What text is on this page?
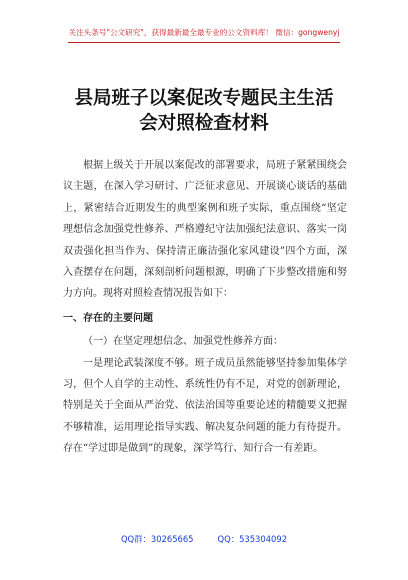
关注头条号"公文研究"，获得最新最全最专业的公文资料库！ 微信：gongwenyj
县局班子以案促改专题民主生活会对照检查材料

根据上级关于开展以案促改的部署要求，局班子紧紧围绕会议主题，在深入学习研讨、广泛征求意见、开展谈心谈话的基础上，紧密结合近期发生的典型案例和班子实际，重点围绕“坚定理想信念加强党性修养、严格遵纪守法加强纪法意识、落实一岗双责强化担当作为、保持清正廉洁强化家风建设”四个方面，深入查摆存在问题，深刻剖析问题根源，明确了下步整改措施和努力方向。现将对照检查情况报告如下：

一、存在的主要问题

（一）在坚定理想信念、加强党性修养方面：

一是理论武装深度不够。班子成员虽然能够坚持参加集体学习，但个人自学的主动性、系统性仍有不足，对党的创新理论，特别是关于全面从严治党、依法治国等重要论述的精髓要义把握不够精准，运用理论指导实践、解决复杂问题的能力有待提升。存在“学过即是做到”的现象，深学笃行、知行合一有差距。

QQ群：30265665	QQ：535304092
